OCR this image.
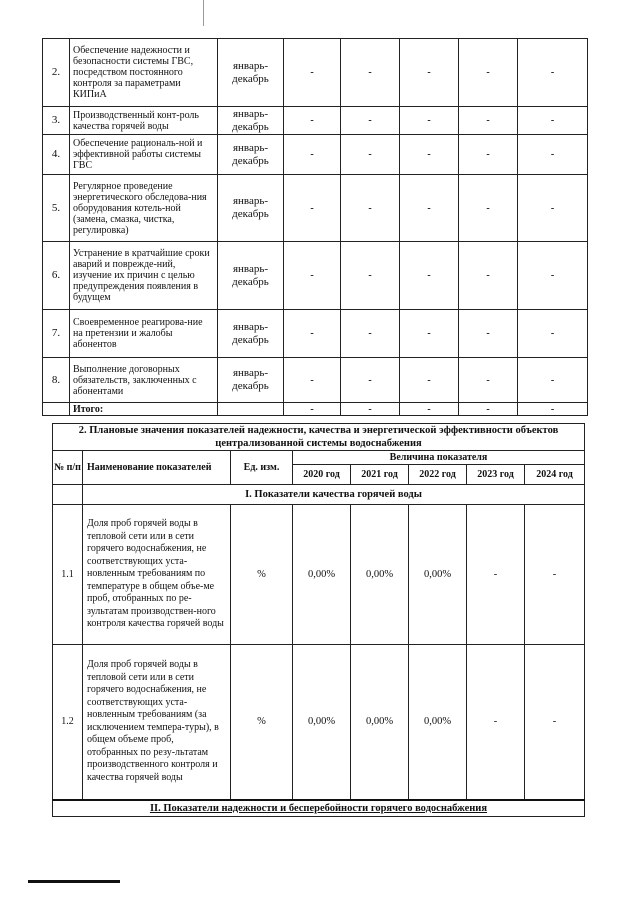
2.	Обеспечение надежности и безопасности системы ГВС, посредством постоянного контроля за параметрами КИПиА	январь-декабрь	-	-	-	-	-
3.	Производственный конт-роль качества горячей воды	январь-декабрь	-	-	-	-	-
4.	Обеспечение рациональ-ной и эффективной работы системы ГВС	январь-декабрь	-	-	-	-	-
5.	Регулярное проведение энергетического обследова-ния оборудования котель-ной (замена, смазка, чистка, регулировка)	январь-декабрь	-	-	-	-	-
6.	Устранение в кратчайшие сроки аварий и поврежде-ний, изучение их причин с целью предупреждения появления в будущем	январь-декабрь	-	-	-	-	-
7.	Своевременное реагирова-ние на претензии и жалобы абонентов	январь-декабрь	-	-	-	-	-
8.	Выполнение договорных обязательств, заключенных с абонентами	январь-декабрь	-	-	-	-	-
	Итого:		-	-	-	-	-
2. Плановые значения показателей надежности, качества и энергетической эффективности объектов централизованной системы водоснабжения							
№ п/п	Наименование показателей	Ед. изм.	Величина показателя				
			2020 год	2021 год	2022 год	2023 год	2024 год
	I. Показатели качества горячей воды						
1.1	Доля проб горячей воды в тепловой сети или в сети горячего водоснабжения, не соответствующих уста-новленным требованиям по температуре в общем объе-ме проб, отобранных по ре-зультатам производствен-ного контроля качества горячей воды	%	0,00%	0,00%	0,00%	-	-
1.2	Доля проб горячей воды в тепловой сети или в сети горячего водоснабжения, не соответствующих уста-новленным требованиям (за исключением темпера-туры), в общем объеме проб, отобранных по резу-льтатам производственного контроля и качества горячей воды	%	0,00%	0,00%	0,00%	-	-
II. Показатели надежности и бесперебойности горячего водоснабжения							
